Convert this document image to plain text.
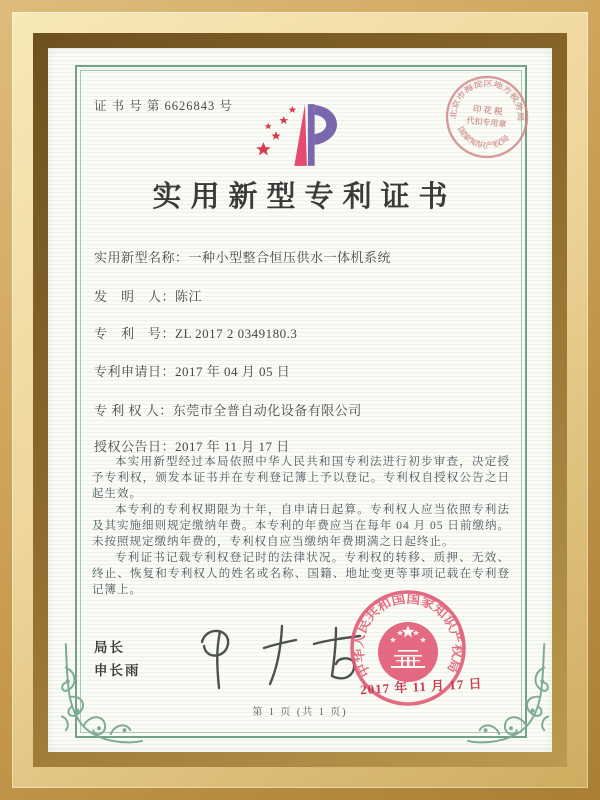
证 书 号 第 6626843 号
实用新型专利证书
实用新型名称：一种小型整合恒压供水一体机系统
发　明　人：陈江
专　利　号：ZL 2017 2 0349180.3
专利申请日：2017 年 04 月 05 日
专 利 权 人：东莞市全普自动化设备有限公司
授权公告日：2017 年 11 月 17 日

本实用新型经过本局依照中华人民共和国专利法进行初步审查，决定授予专利权，颁发本证书并在专利登记簿上予以登记。专利权自授权公告之日起生效。

本专利的专利权期限为十年，自申请日起算。专利权人应当依照专利法及其实施细则规定缴纳年费。本专利的年费应当在每年 04 月 05 日前缴纳。未按照规定缴纳年费的，专利权自应当缴纳年费期满之日起终止。

专利证书记载专利权登记时的法律状况。专利权的转移、质押、无效、终止、恢复和专利权人的姓名或名称、国籍、地址变更等事项记载在专利登记簿上。

局长
申长雨	中华人民共和国国家知识产权局
2017 年 11 月 17 日
北京市海淀区地方税务局
国家知识产权局
印 花 税
代扣专用章
第 1 页 (共 1 页)
